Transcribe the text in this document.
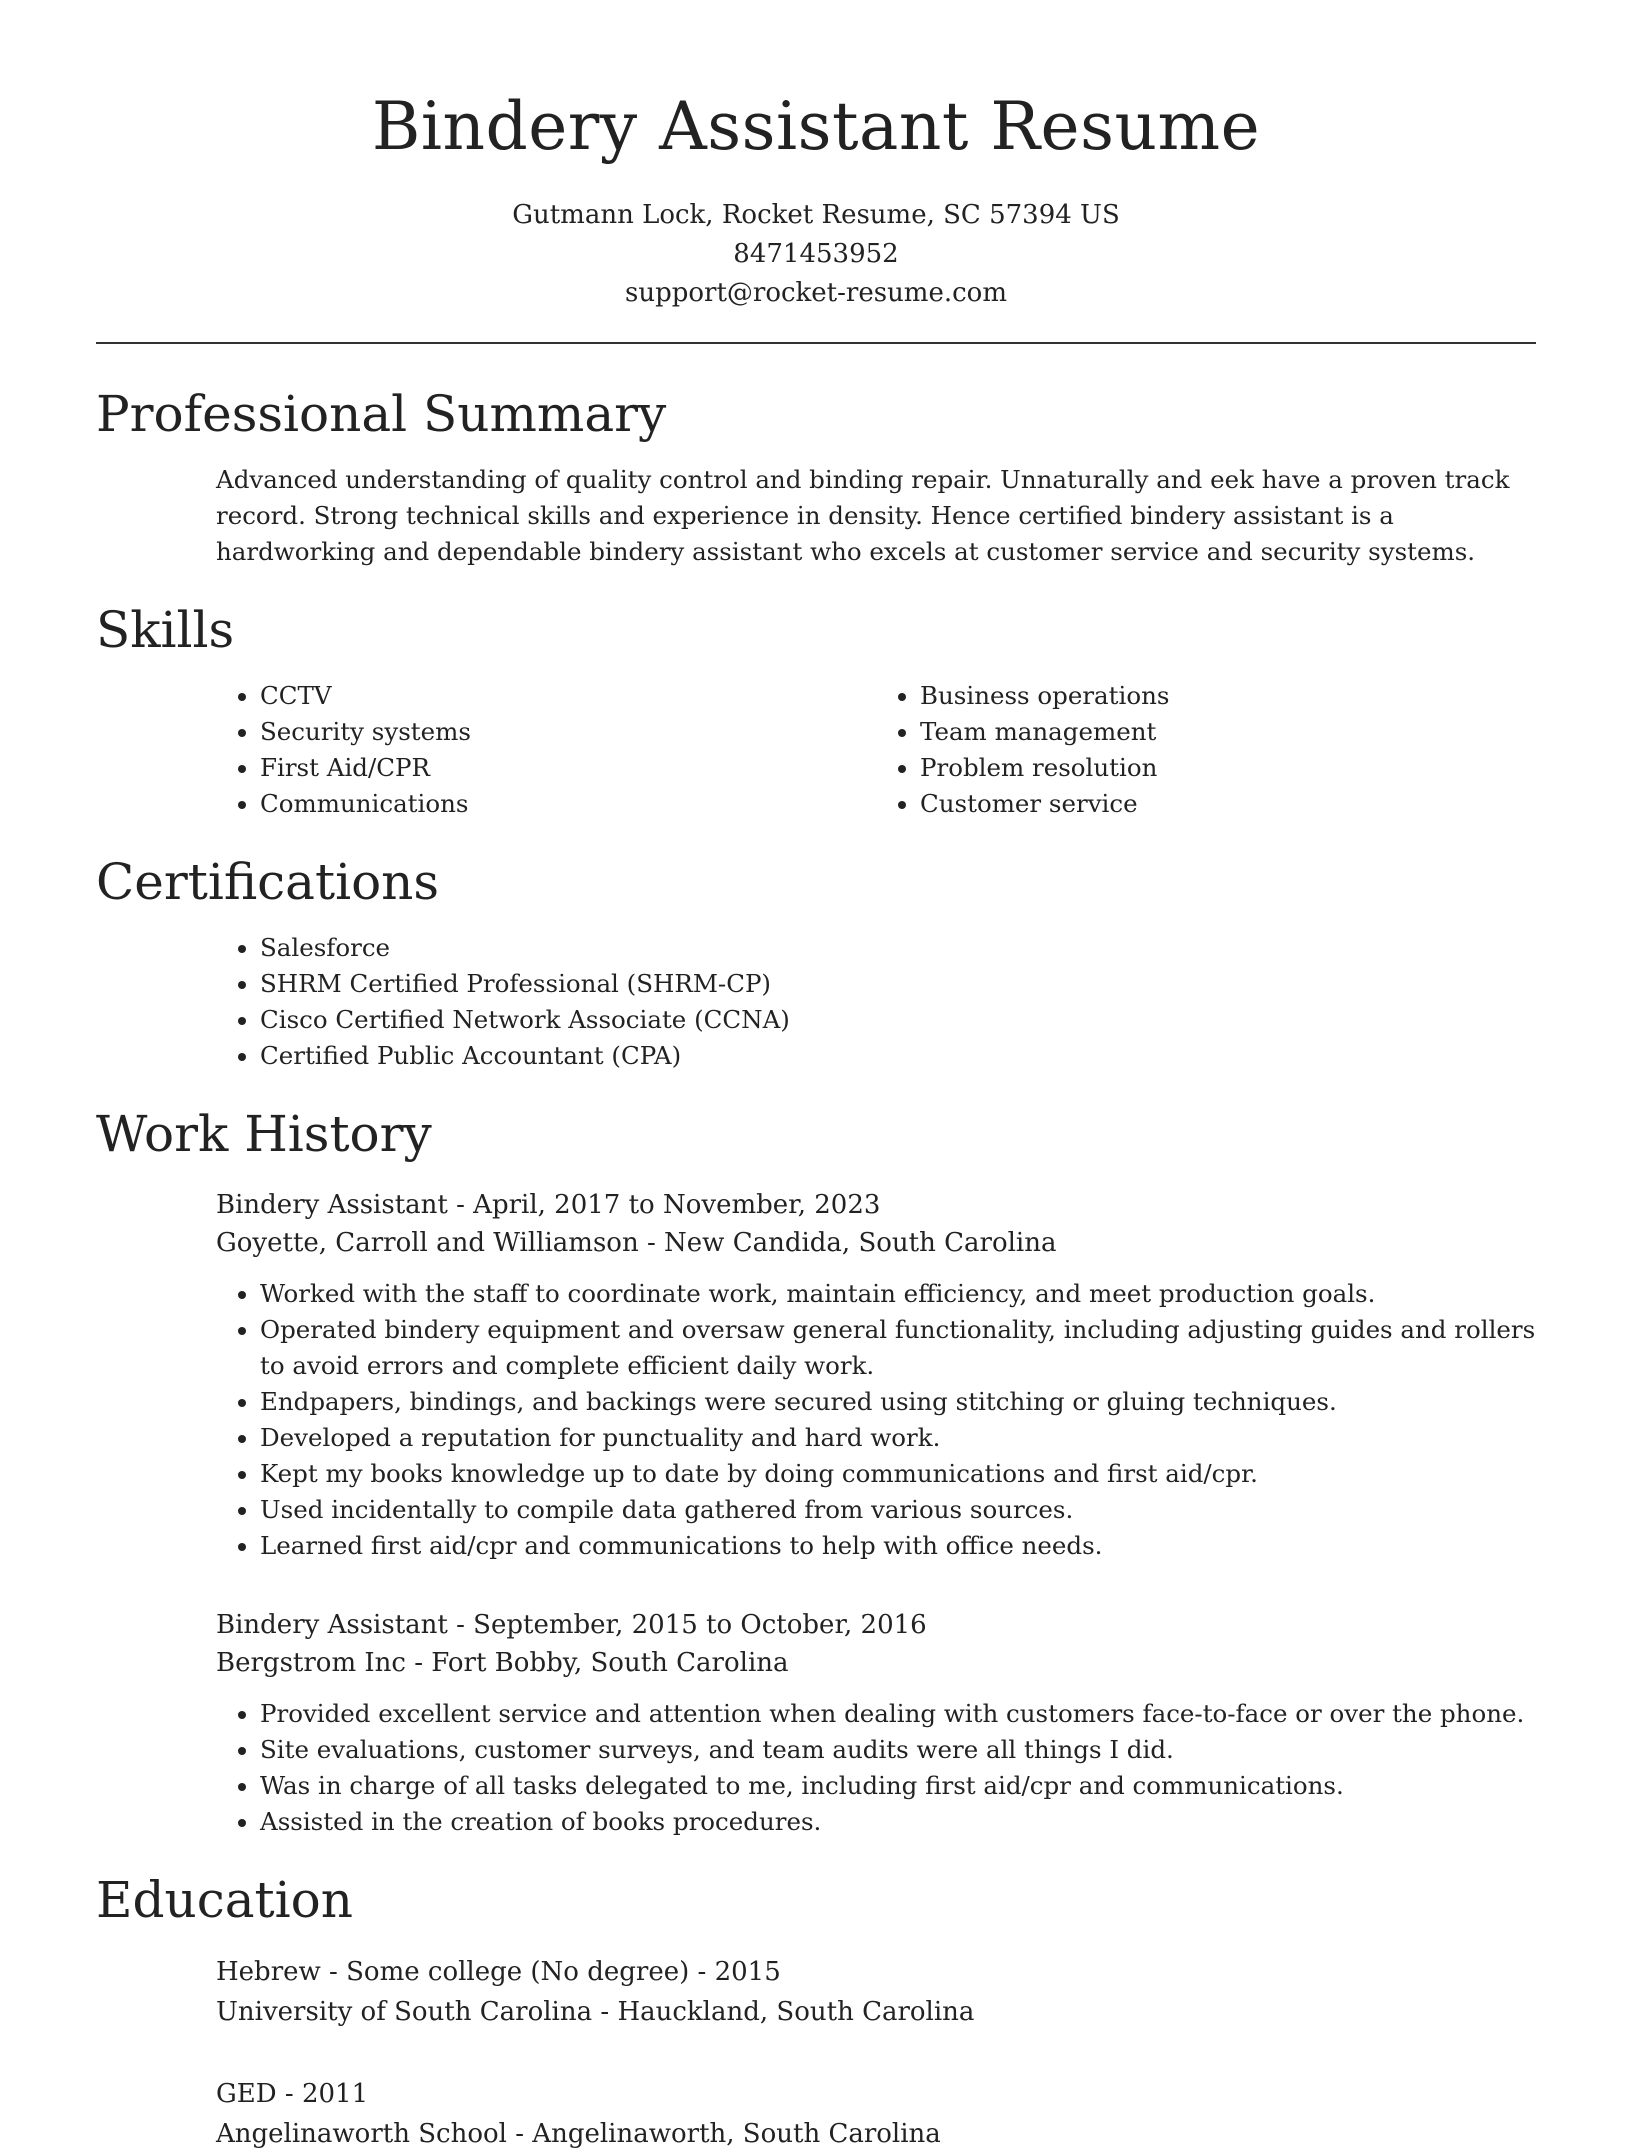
Bindery Assistant Resume
Gutmann Lock, Rocket Resume, SC 57394 US
8471453952
support@rocket-resume.com
Professional Summary

Advanced understanding of quality control and binding repair. Unnaturally and eek have a proven track record. Strong technical skills and experience in density. Hence certified bindery assistant is a hardworking and dependable bindery assistant who excels at customer service and security systems.

Skills
• CCTV
• Security systems
• First Aid/CPR
• Communications
• Business operations
• Team management
• Problem resolution
• Customer service
Certifications
• Salesforce
• SHRM Certified Professional (SHRM-CP)
• Cisco Certified Network Associate (CCNA)
• Certified Public Accountant (CPA)
Work History
Bindery Assistant - April, 2017 to November, 2023
Goyette, Carroll and Williamson - New Candida, South Carolina
• Worked with the staff to coordinate work, maintain efficiency, and meet production goals.
• Operated bindery equipment and oversaw general functionality, including adjusting guides and rollers to avoid errors and complete efficient daily work.
• Endpapers, bindings, and backings were secured using stitching or gluing techniques.
• Developed a reputation for punctuality and hard work.
• Kept my books knowledge up to date by doing communications and first aid/cpr.
• Used incidentally to compile data gathered from various sources.
• Learned first aid/cpr and communications to help with office needs.
Bindery Assistant - September, 2015 to October, 2016
Bergstrom Inc - Fort Bobby, South Carolina
• Provided excellent service and attention when dealing with customers face-to-face or over the phone.
• Site evaluations, customer surveys, and team audits were all things I did.
• Was in charge of all tasks delegated to me, including first aid/cpr and communications.
• Assisted in the creation of books procedures.
Education
Hebrew - Some college (No degree) - 2015
University of South Carolina - Hauckland, South Carolina
GED - 2011
Angelinaworth School - Angelinaworth, South Carolina
